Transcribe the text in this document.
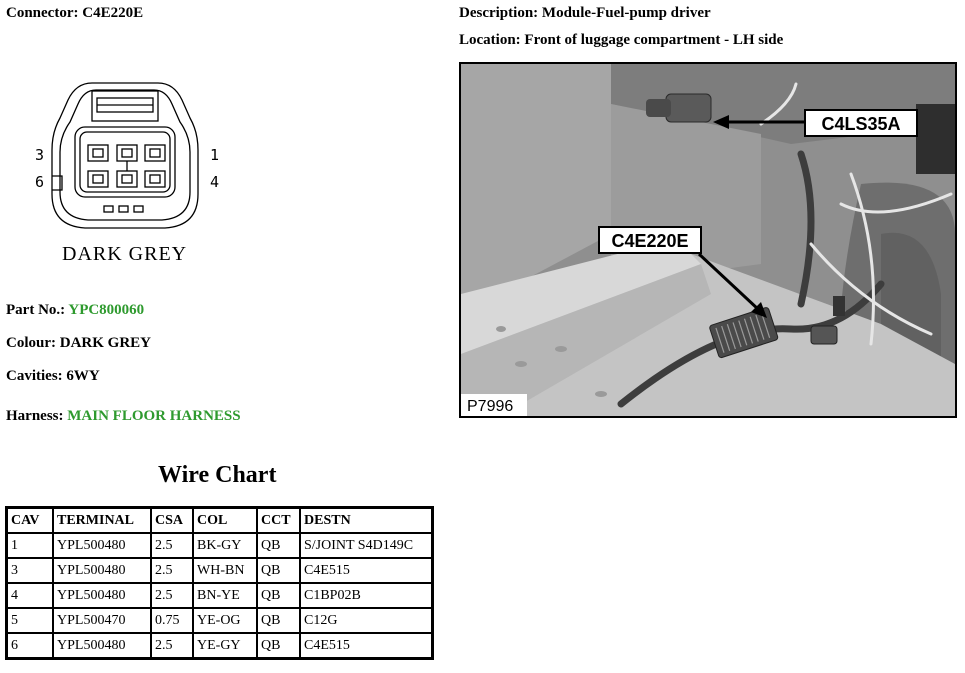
Connector: C4E220E	Description: Module-Fuel-pump driver
Location: Front of luggage compartment - LH side
3
6
1
4
DARK GREY
Part No.: YPC800060
Colour: DARK GREY
Cavities: 6WY
Harness: MAIN FLOOR HARNESS
Wire Chart
CAV	TERMINAL	CSA	COL	CCT	DESTN
1	YPL500480	2.5	BK-GY	QB	S/JOINT S4D149C
3	YPL500480	2.5	WH-BN	QB	C4E515
4	YPL500480	2.5	BN-YE	QB	C1BP02B
5	YPL500470	0.75	YE-OG	QB	C12G
6	YPL500480	2.5	YE-GY	QB	C4E515
C4LS35A
C4E220E
P7996
